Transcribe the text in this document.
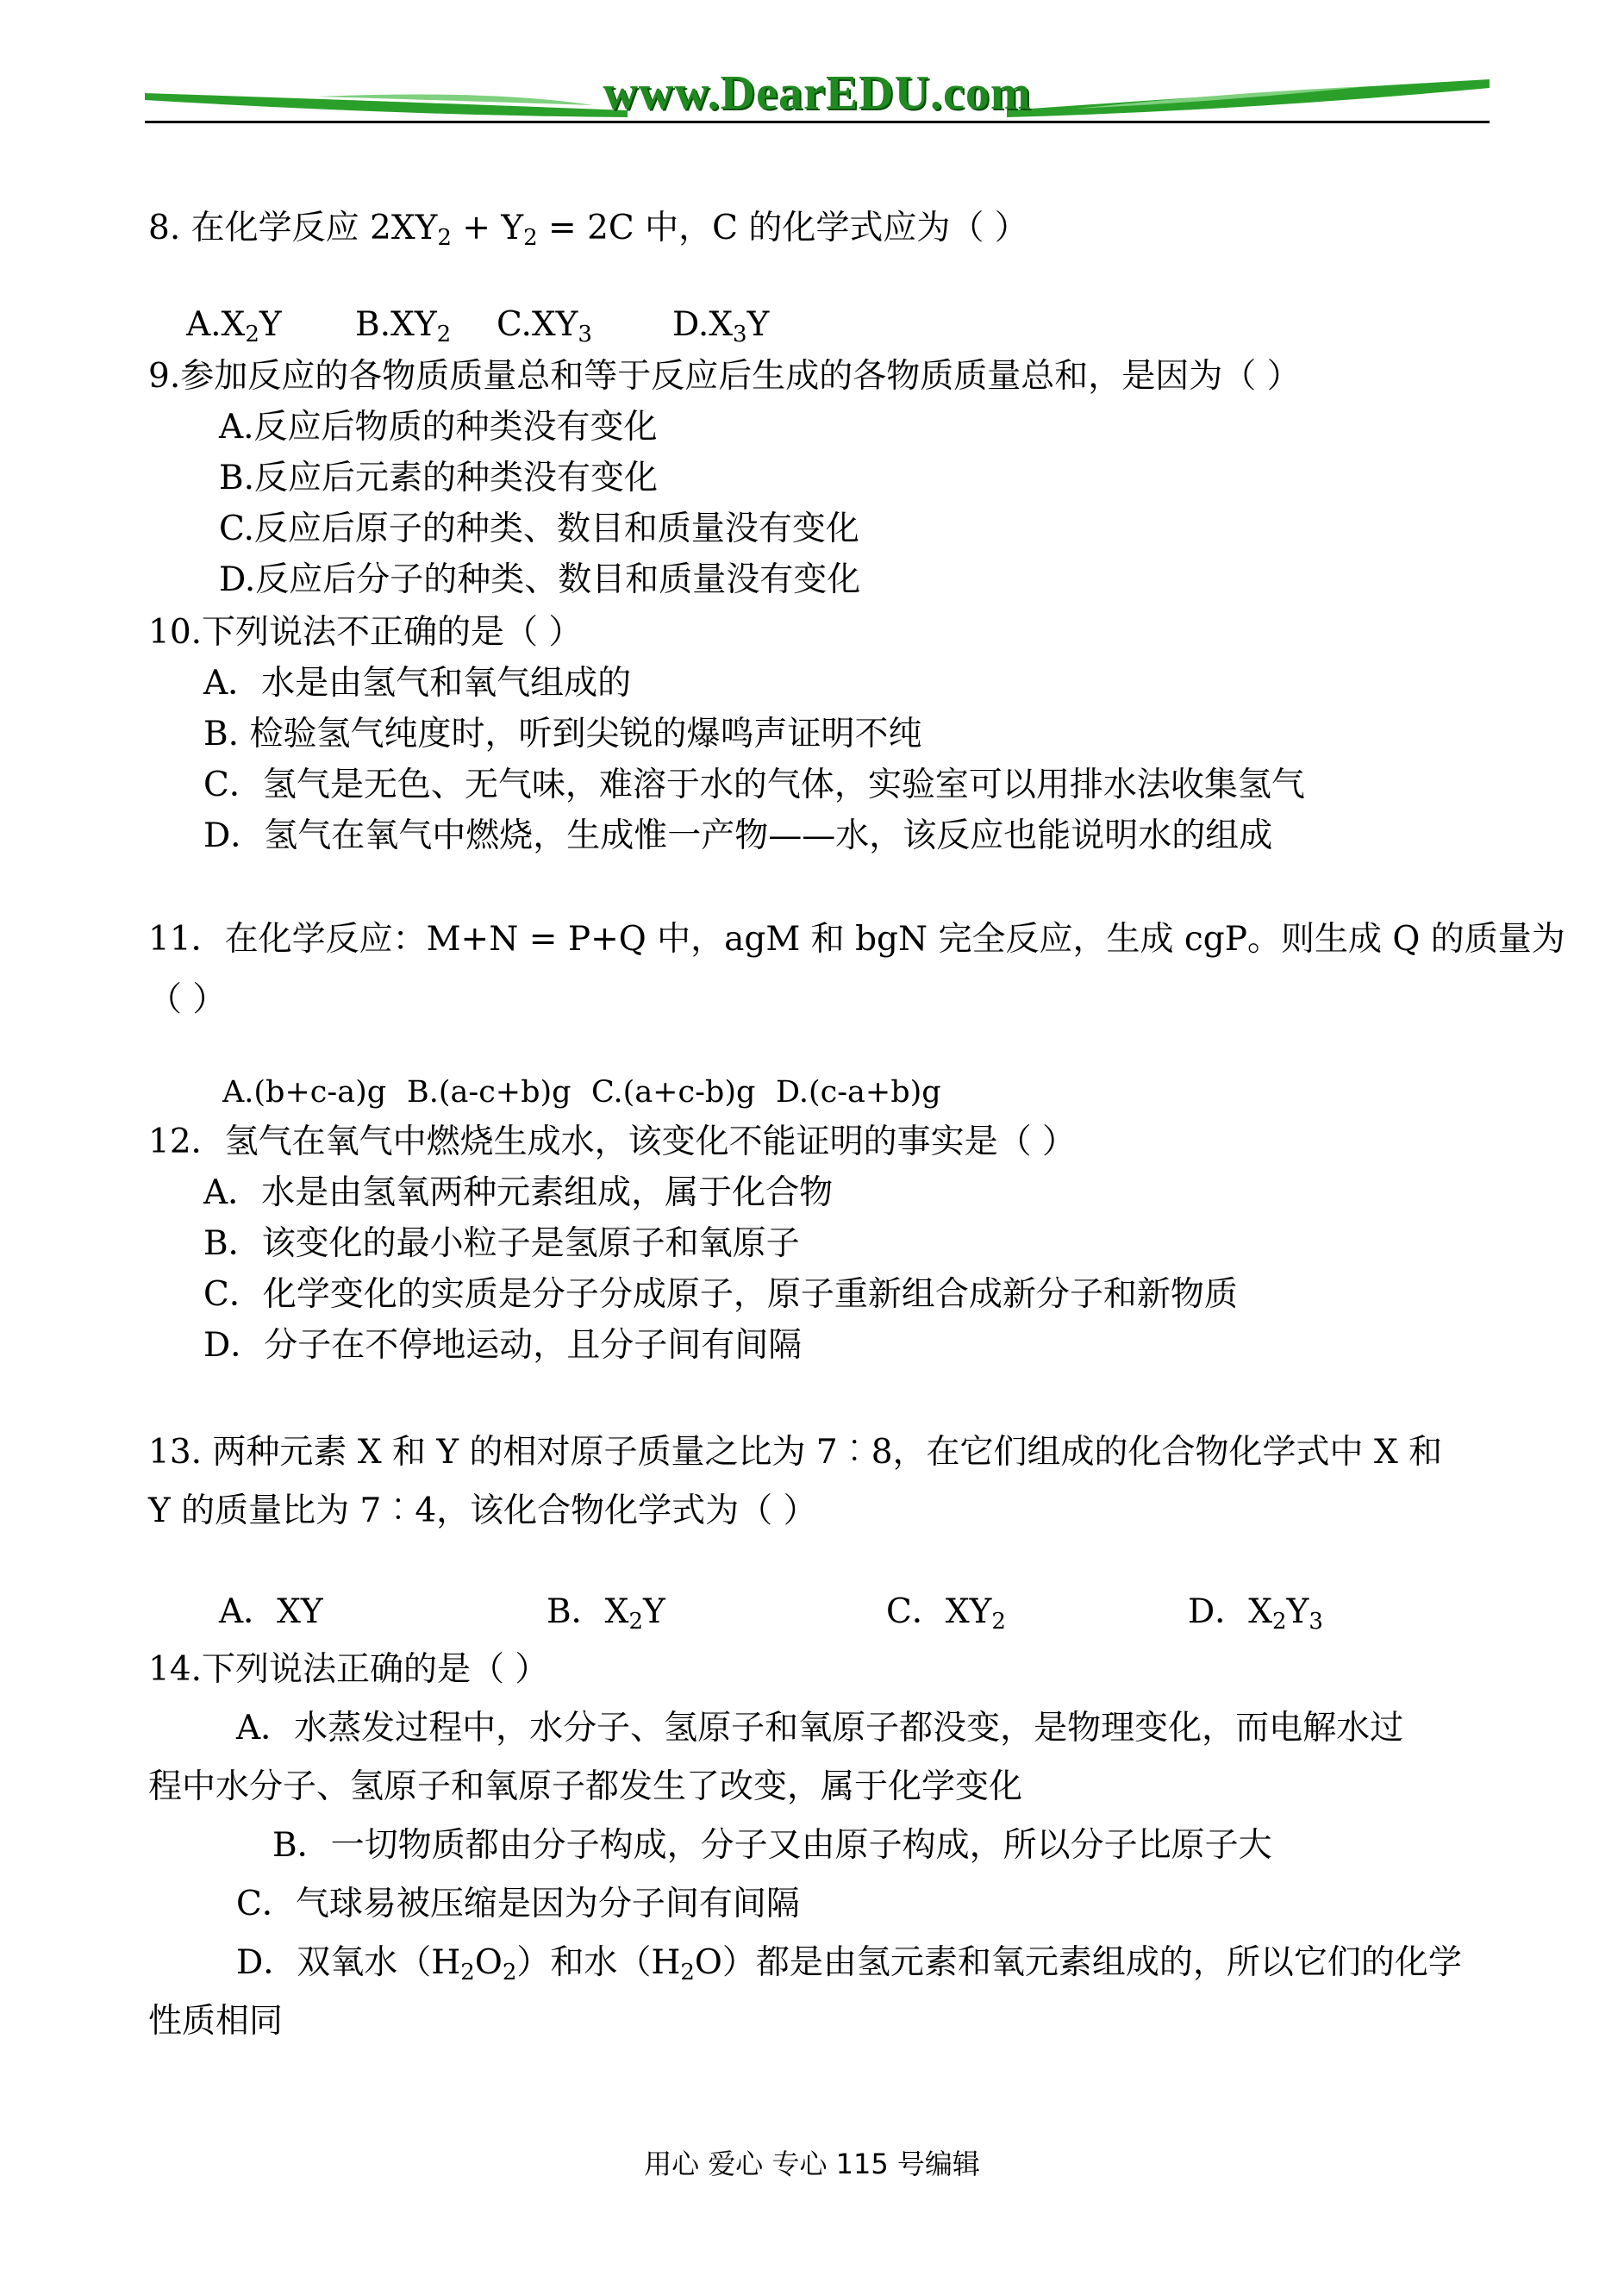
www.DearEDU.com
8. 在化学反应 $2XY_2 + Y_2 = 2C$ 中，C 的化学式应为（ ）
A.X2Y B.XY2 C.XY3 D.X3Y
9.参加反应的各物质质量总和等于反应后生成的各物质质量总和，是因为（ ）
A.反应后物质的种类没有变化
B.反应后元素的种类没有变化
C.反应后原子的种类、数目和质量没有变化
D.反应后分子的种类、数目和质量没有变化
10.下列说法不正确的是（ ）
A．水是由氢气和氧气组成的
B. 检验氢气纯度时，听到尖锐的爆鸣声证明不纯
C．氢气是无色、无气味，难溶于水的气体，实验室可以用排水法收集氢气
D．氢气在氧气中燃烧，生成惟一产物——水，该反应也能说明水的组成
11．在化学反应：M+N = P+Q 中，agM 和 bgN 完全反应，生成 cgP。则生成 Q 的质量为
（ ）
A.(b+c-a)g B.(a-c+b)g C.(a+c-b)g D.(c-a+b)g
12．氢气在氧气中燃烧生成水，该变化不能证明的事实是（ ）
A．水是由氢氧两种元素组成，属于化合物
B．该变化的最小粒子是氢原子和氧原子
C．化学变化的实质是分子分成原子，原子重新组合成新分子和新物质
D．分子在不停地运动，且分子间有间隔
13. 两种元素 X 和 Y 的相对原子质量之比为 7︰8，在它们组成的化合物化学式中 X 和
Y 的质量比为 7︰4，该化合物化学式为（ ）
A．XY	B．X2Y	C．XY2	D．X2Y3
14.下列说法正确的是（ ）
A．水蒸发过程中，水分子、氢原子和氧原子都没变，是物理变化，而电解水过
程中水分子、氢原子和氧原子都发生了改变，属于化学变化
B．一切物质都由分子构成，分子又由原子构成，所以分子比原子大
C．气球易被压缩是因为分子间有间隔
D．双氧水$(H_2O_2)$和水$(H_2O)$都是由氢元素和氧元素组成的，所以它们的化学
性质相同
用心 爱心 专心 115 号编辑
